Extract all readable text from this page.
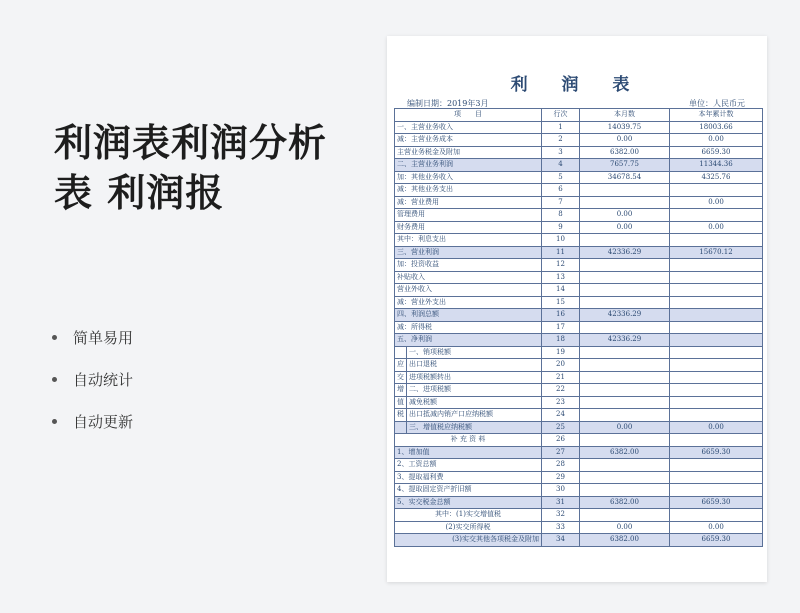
利润表利润分析表 利润报
简单易用
自动统计
自动更新
利 润 表
编制日期：2019年3月	单位：人民币元
项　　目		行次	本月数	本年累计数
一、主营业务收入		1	14039.75	18003.66
减：主营业务成本		2	0.00	0.00
主营业务税金及附加		3	6382.00	6659.30
二、主营业务利润		4	7657.75	11344.36
加：其他业务收入		5	34678.54	4325.76
减：其他业务支出		6		
减：营业费用		7		0.00
管理费用		8	0.00	
财务费用		9	0.00	0.00
其中：利息支出		10		
三、营业利润		11	42336.29	15670.12
加：投资收益		12		
补贴收入		13		
营业外收入		14		
减：营业外支出		15		
四、利润总额		16	42336.29	
减：所得税		17		
五、净利润		18	42336.29	
	一、销项税额	19		
应	出口退税	20		
交	进项税额转出	21		
增	二、进项税额	22		
值	减免税额	23		
税	出口抵减内销产口应纳税额	24		
	三、增值税应纳税额	25	0.00	0.00
补 充 资 料		26		
1、增加值		27	6382.00	6659.30
2、工资总额		28		
3、提取福利费		29		
4、提取固定资产折旧额		30		
5、实交税金总额		31	6382.00	6659.30
其中：(1)实交增值税		32		
(2)实交所得税		33	0.00	0.00
(3)实交其他各项税金及附加		34	6382.00	6659.30
